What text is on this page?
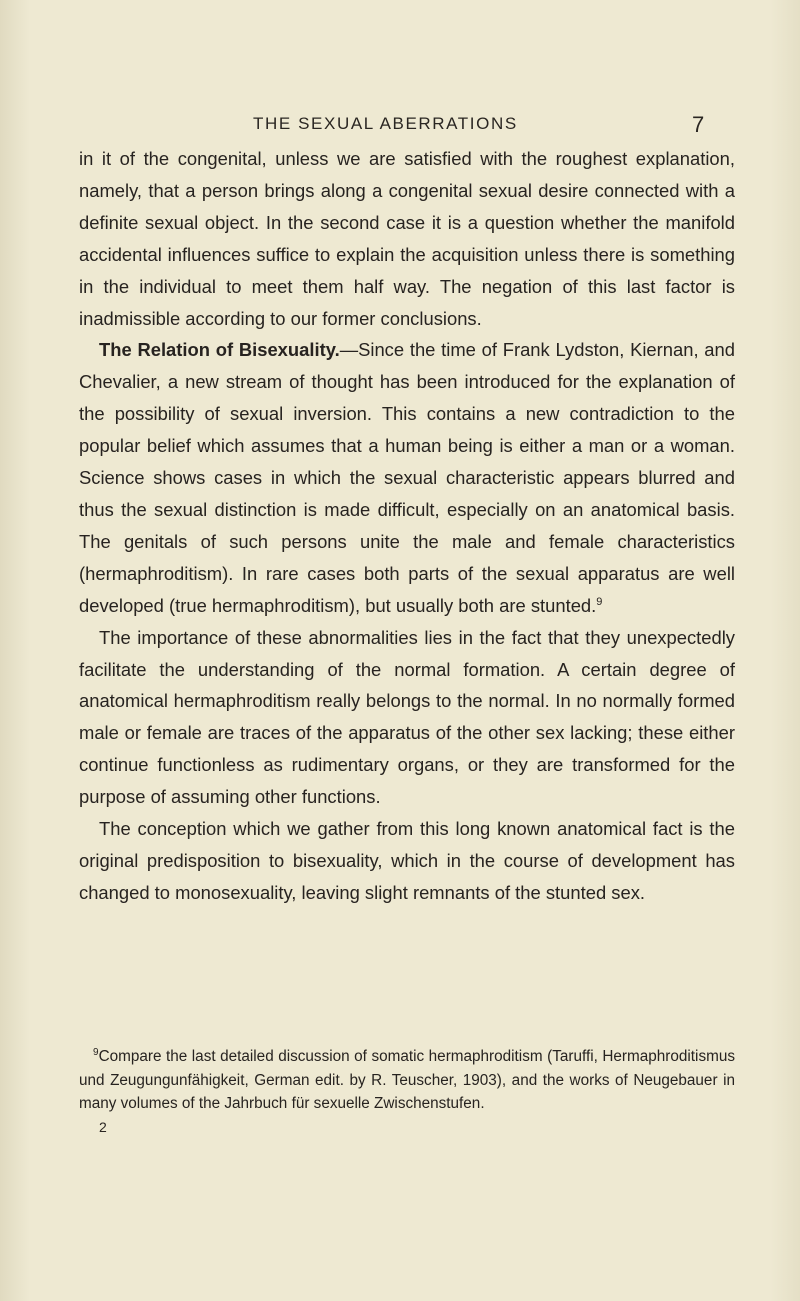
THE SEXUAL ABERRATIONS	7

in it of the congenital, unless we are satisfied with the roughest explanation, namely, that a person brings along a congenital sexual desire connected with a definite sexual object. In the second case it is a question whether the manifold accidental influences suffice to explain the acquisition unless there is something in the individual to meet them half way. The negation of this last factor is inadmissible according to our former conclusions.

The Relation of Bisexuality.—Since the time of Frank Lydston, Kiernan, and Chevalier, a new stream of thought has been introduced for the explanation of the possibility of sexual inversion. This contains a new contradiction to the popular belief which assumes that a human being is either a man or a woman. Science shows cases in which the sexual characteristic appears blurred and thus the sexual distinction is made difficult, especially on an anatomical basis. The genitals of such persons unite the male and female characteristics (hermaphroditism). In rare cases both parts of the sexual apparatus are well developed (true hermaphroditism), but usually both are stunted.$^9$

The importance of these abnormalities lies in the fact that they unexpectedly facilitate the understanding of the normal formation. A certain degree of anatomical hermaphroditism really belongs to the normal. In no normally formed male or female are traces of the apparatus of the other sex lacking; these either continue functionless as rudimentary organs, or they are transformed for the purpose of assuming other functions.

The conception which we gather from this long known anatomical fact is the original predisposition to bisexuality, which in the course of development has changed to monosexuality, leaving slight remnants of the stunted sex.

$^9$Compare the last detailed discussion of somatic hermaphroditism (Taruffi, Hermaphroditismus und Zeugungunfähigkeit, German edit. by R. Teuscher, 1903), and the works of Neugebauer in many volumes of the Jahrbuch für sexuelle Zwischenstufen.

2
